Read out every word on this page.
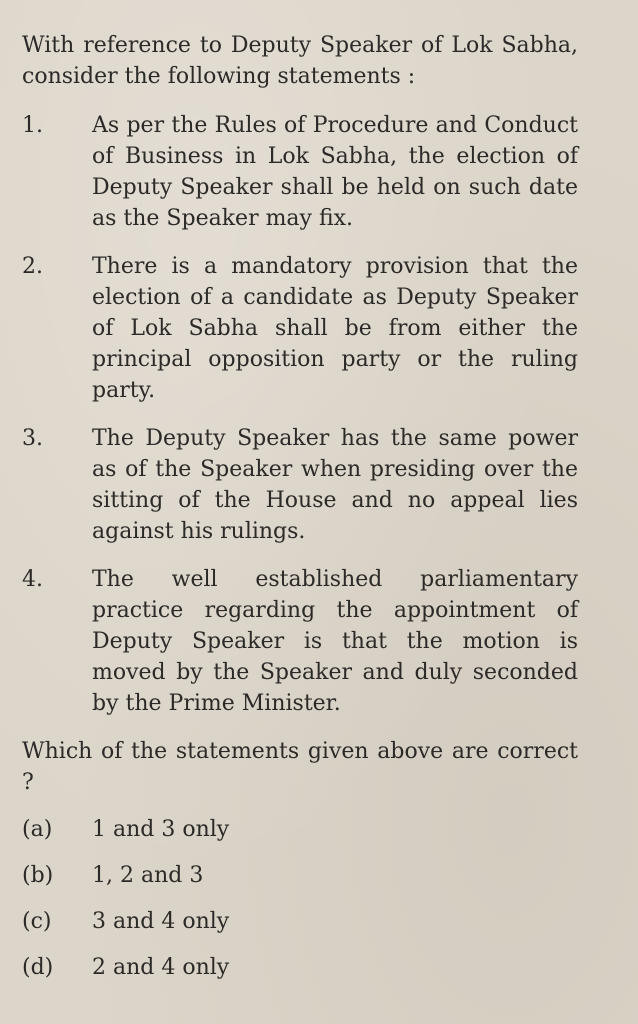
With reference to Deputy Speaker of Lok Sabha, consider the following statements :

1.	As per the Rules of Procedure and Conduct of Business in Lok Sabha, the election of Deputy Speaker shall be held on such date as the Speaker may fix.
2.	There is a mandatory provision that the election of a candidate as Deputy Speaker of Lok Sabha shall be from either the principal opposition party or the ruling party.
3.	The Deputy Speaker has the same power as of the Speaker when presiding over the sitting of the House and no appeal lies against his rulings.
4.	The well established parliamentary practice regarding the appointment of Deputy Speaker is that the motion is moved by the Speaker and duly seconded by the Prime Minister.

Which of the statements given above are correct ?

(a)	1 and 3 only
(b)	1, 2 and 3
(c)	3 and 4 only
(d)	2 and 4 only
